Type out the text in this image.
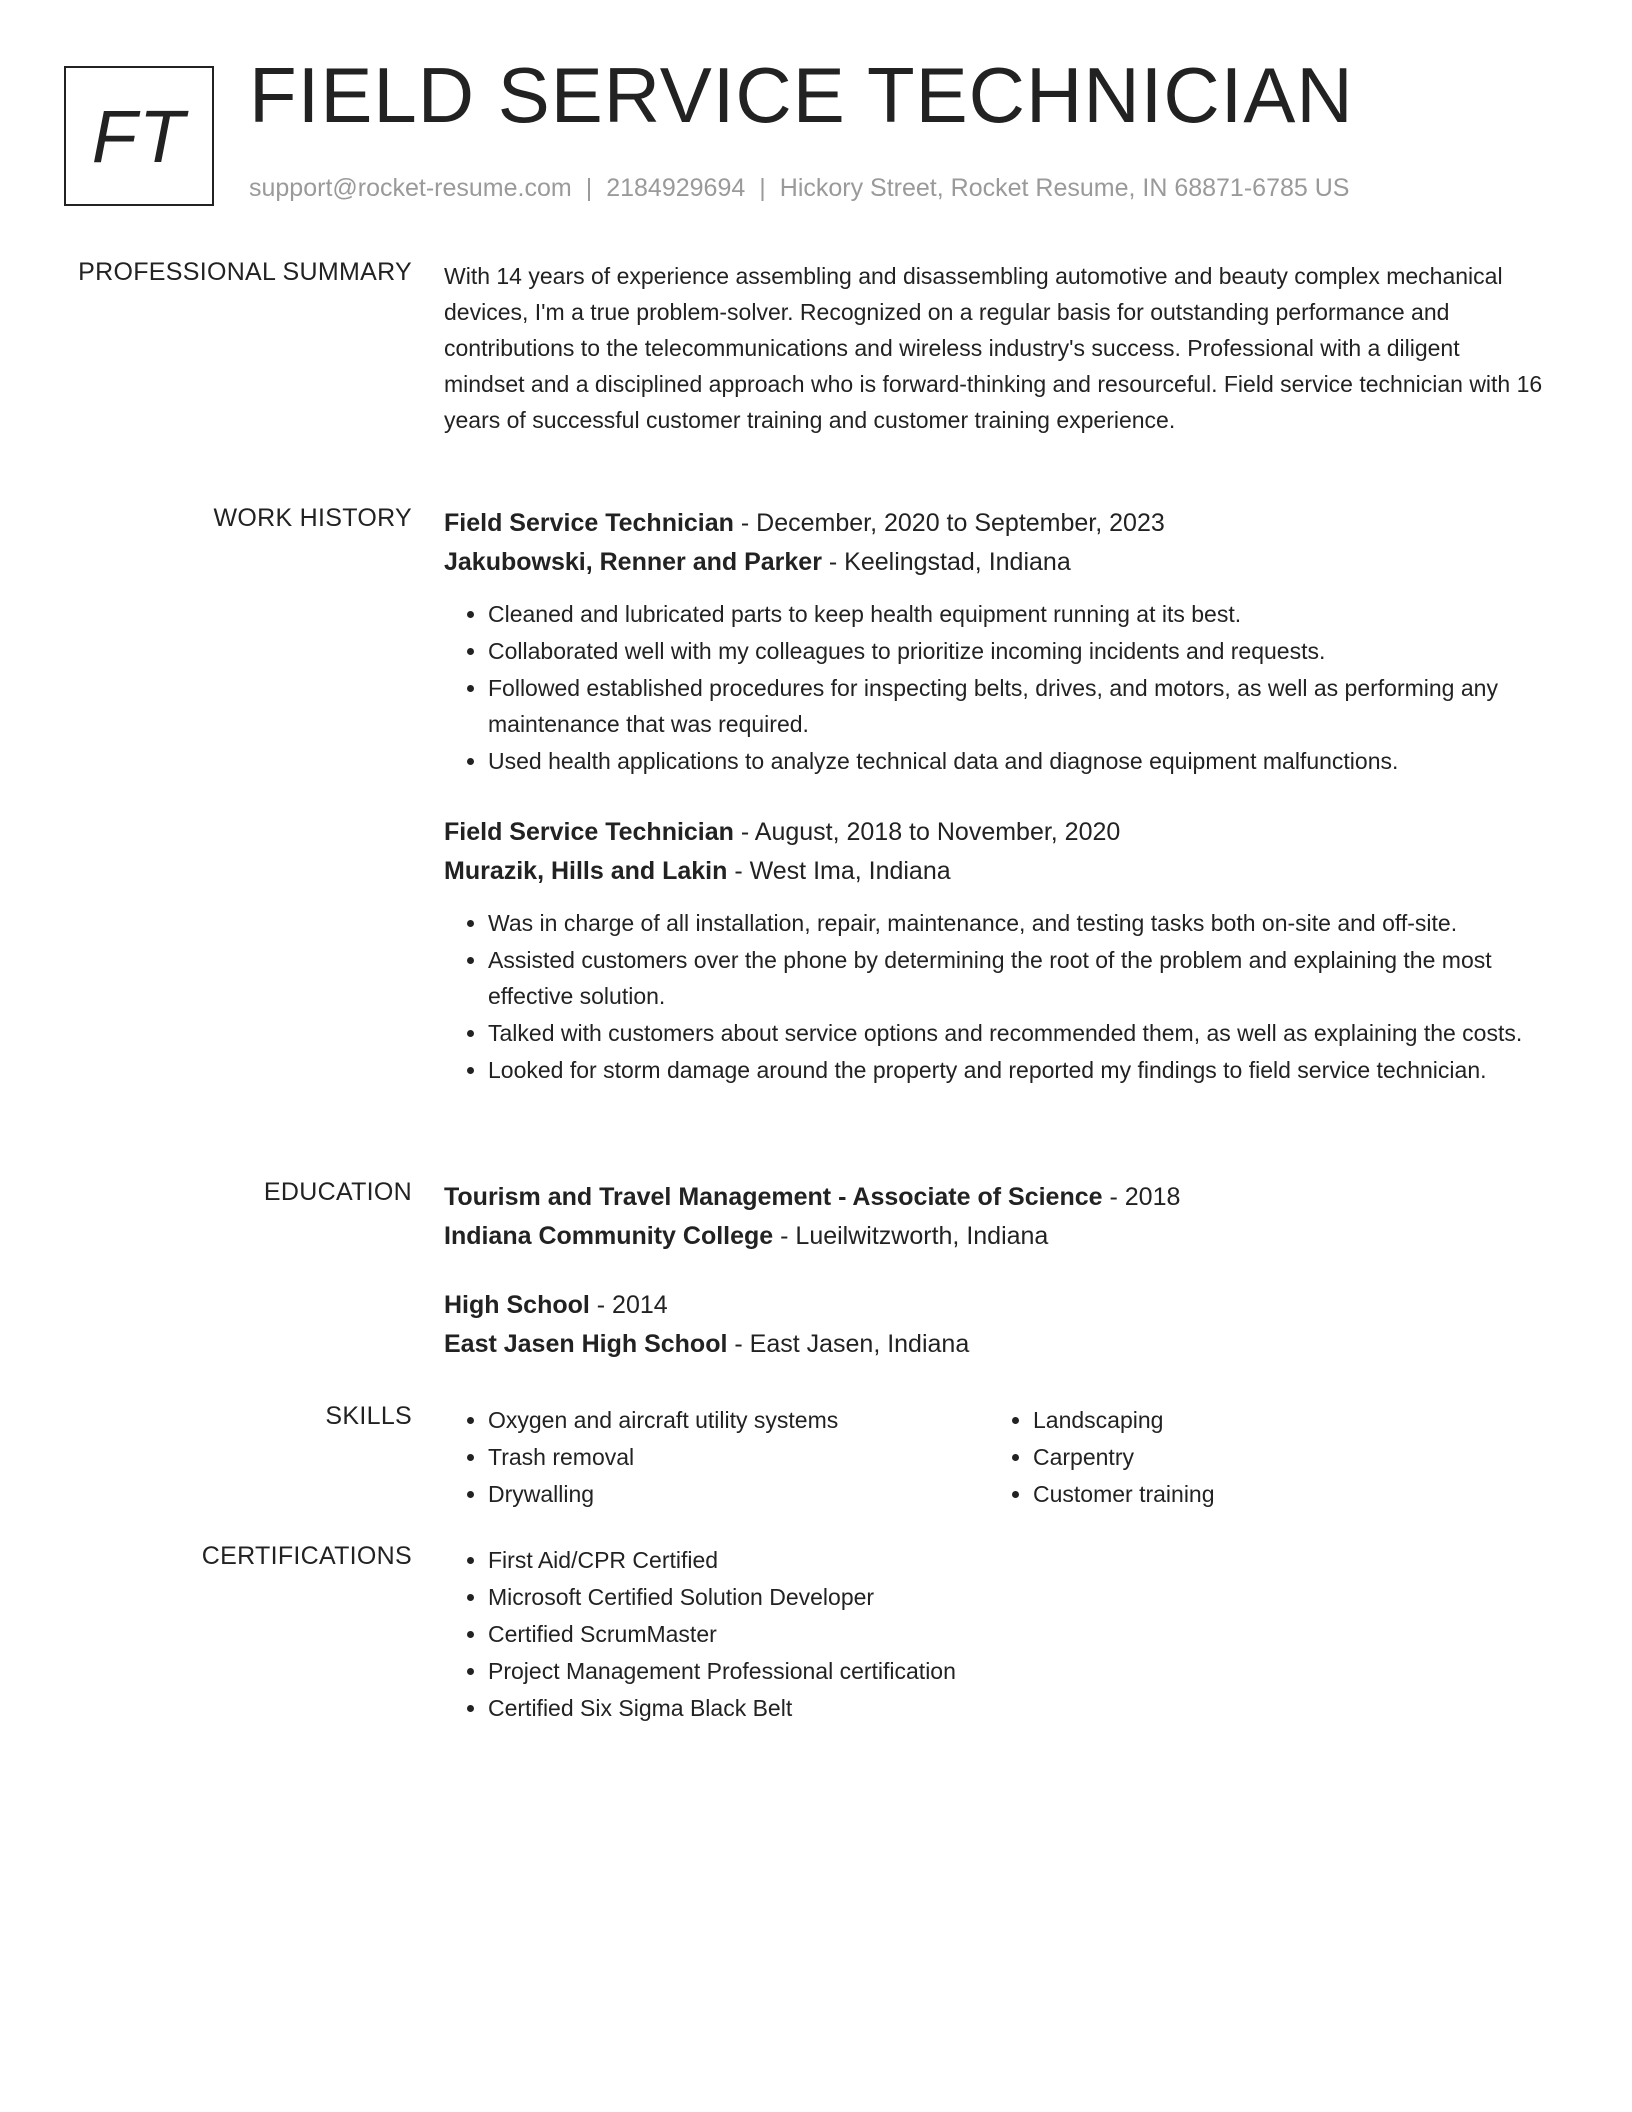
FT FIELD SERVICE TECHNICIAN
support@rocket-resume.com | 2184929694 | Hickory Street, Rocket Resume, IN 68871-6785 US
PROFESSIONAL SUMMARY With 14 years of experience assembling and disassembling automotive and beauty complex mechanical devices, I'm a true problem-solver. Recognized on a regular basis for outstanding performance and contributions to the telecommunications and wireless industry's success. Professional with a diligent mindset and a disciplined approach who is forward-thinking and resourceful. Field service technician with 16 years of successful customer training and customer training experience.

WORK HISTORY Field Service Technician - December, 2020 to September, 2023
Jakubowski, Renner and Parker - Keelingstad, Indiana
• Cleaned and lubricated parts to keep health equipment running at its best.
• Collaborated well with my colleagues to prioritize incoming incidents and requests.
• Followed established procedures for inspecting belts, drives, and motors, as well as performing any maintenance that was required.
• Used health applications to analyze technical data and diagnose equipment malfunctions.
Field Service Technician - August, 2018 to November, 2020
Murazik, Hills and Lakin - West Ima, Indiana
• Was in charge of all installation, repair, maintenance, and testing tasks both on-site and off-site.
• Assisted customers over the phone by determining the root of the problem and explaining the most effective solution.
• Talked with customers about service options and recommended them, as well as explaining the costs.
• Looked for storm damage around the property and reported my findings to field service technician.
EDUCATION Tourism and Travel Management - Associate of Science - 2018
Indiana Community College - Lueilwitzworth, Indiana
High School - 2014
East Jasen High School - East Jasen, Indiana
SKILLS	• Oxygen and aircraft utility systems
• Trash removal
• Drywalling
• Landscaping
• Carpentry
• Customer training
CERTIFICATIONS	• First Aid/CPR Certified
• Microsoft Certified Solution Developer
• Certified ScrumMaster
• Project Management Professional certification
• Certified Six Sigma Black Belt
